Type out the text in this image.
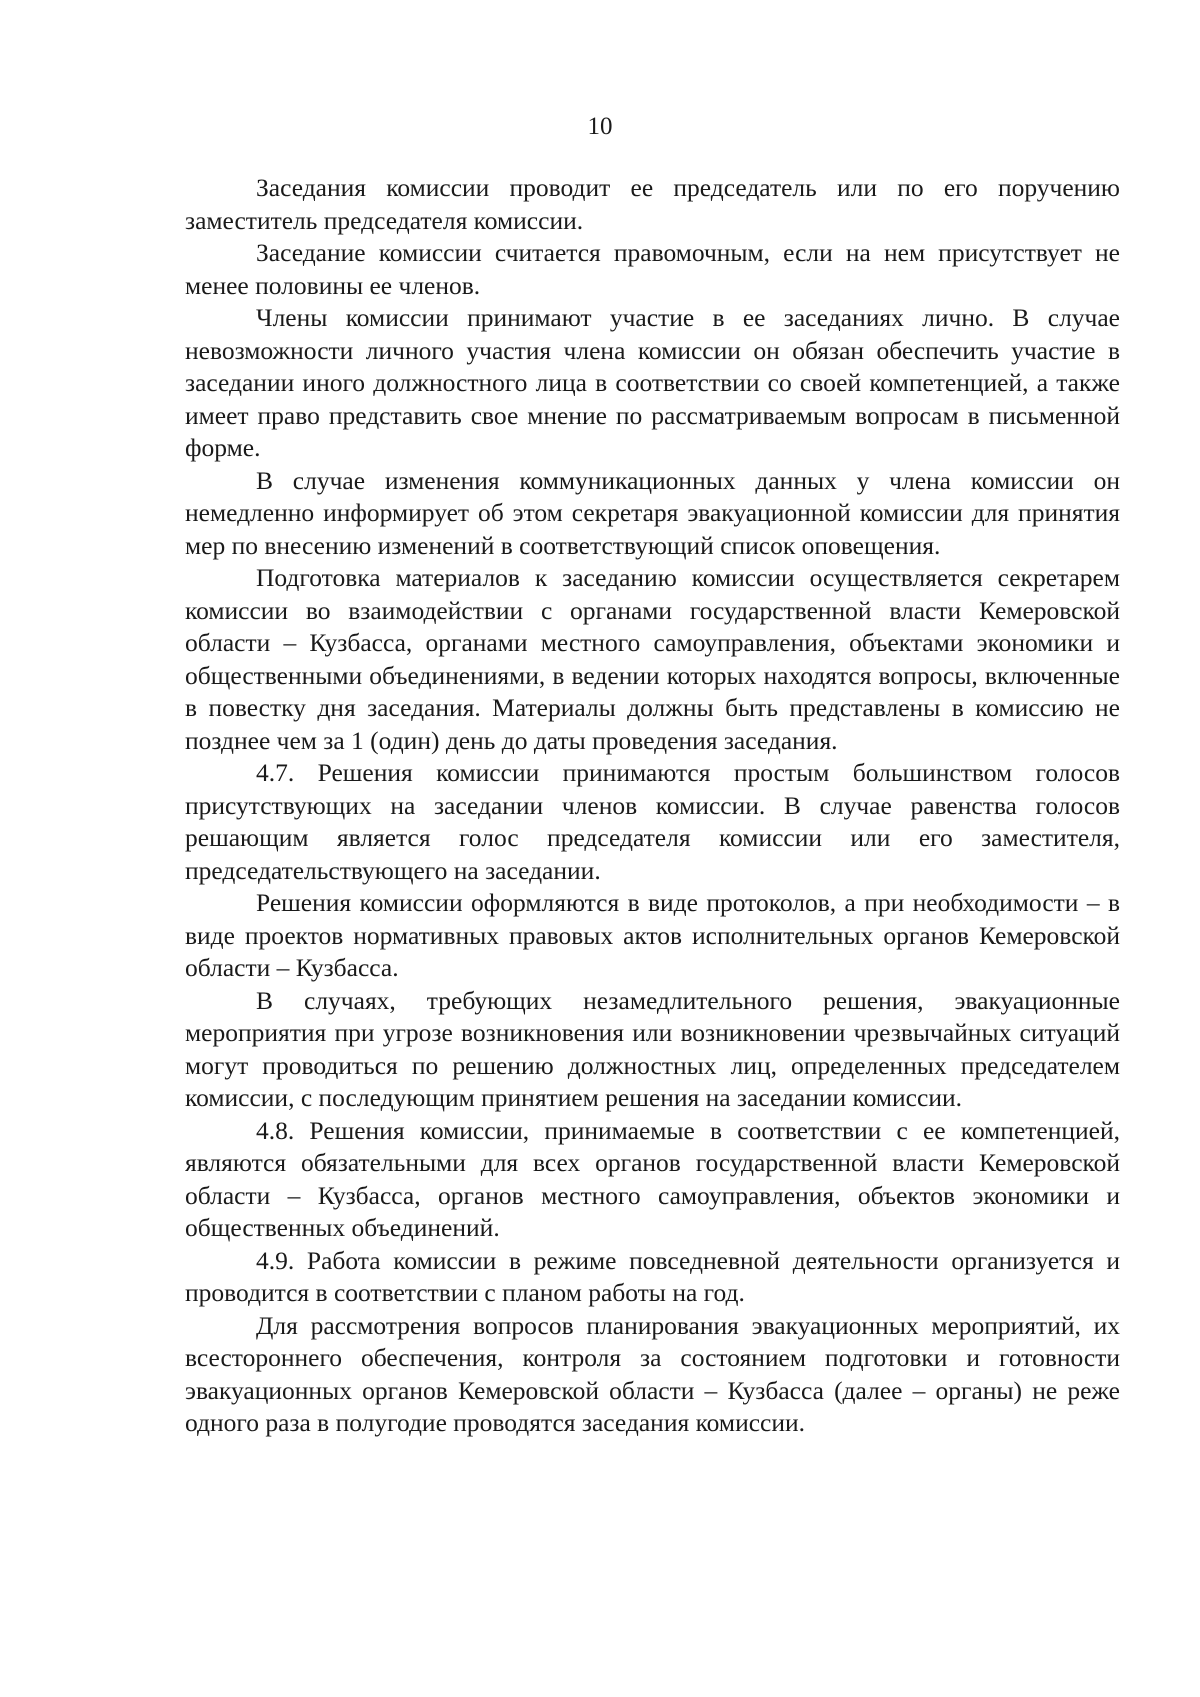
10

Заседания комиссии проводит ее председатель или по его поручению заместитель председателя комиссии.

Заседание комиссии считается правомочным, если на нем присутствует не менее половины ее членов.

Члены комиссии принимают участие в ее заседаниях лично. В случае невозможности личного участия члена комиссии он обязан обеспечить участие в заседании иного должностного лица в соответствии со своей компетенцией, а также имеет право представить свое мнение по рассматриваемым вопросам в письменной форме.

В случае изменения коммуникационных данных у члена комиссии он немедленно информирует об этом секретаря эвакуационной комиссии для принятия мер по внесению изменений в соответствующий список оповещения.

Подготовка материалов к заседанию комиссии осуществляется секретарем комиссии во взаимодействии с органами государственной власти Кемеровской области – Кузбасса, органами местного самоуправления, объектами экономики и общественными объединениями, в ведении которых находятся вопросы, включенные в повестку дня заседания. Материалы должны быть представлены в комиссию не позднее чем за 1 (один) день до даты проведения заседания.

4.7. Решения комиссии принимаются простым большинством голосов присутствующих на заседании членов комиссии. В случае равенства голосов решающим является голос председателя комиссии или его заместителя, председательствующего на заседании.

Решения комиссии оформляются в виде протоколов, а при необходимости – в виде проектов нормативных правовых актов исполнительных органов Кемеровской области – Кузбасса.

В случаях, требующих незамедлительного решения, эвакуационные мероприятия при угрозе возникновения или возникновении чрезвычайных ситуаций могут проводиться по решению должностных лиц, определенных председателем комиссии, с последующим принятием решения на заседании комиссии.

4.8. Решения комиссии, принимаемые в соответствии с ее компетенцией, являются обязательными для всех органов государственной власти Кемеровской области – Кузбасса, органов местного самоуправления, объектов экономики и общественных объединений.

4.9. Работа комиссии в режиме повседневной деятельности организуется и проводится в соответствии с планом работы на год.

Для рассмотрения вопросов планирования эвакуационных мероприятий, их всестороннего обеспечения, контроля за состоянием подготовки и готовности эвакуационных органов Кемеровской области – Кузбасса (далее – органы) не реже одного раза в полугодие проводятся заседания комиссии.
